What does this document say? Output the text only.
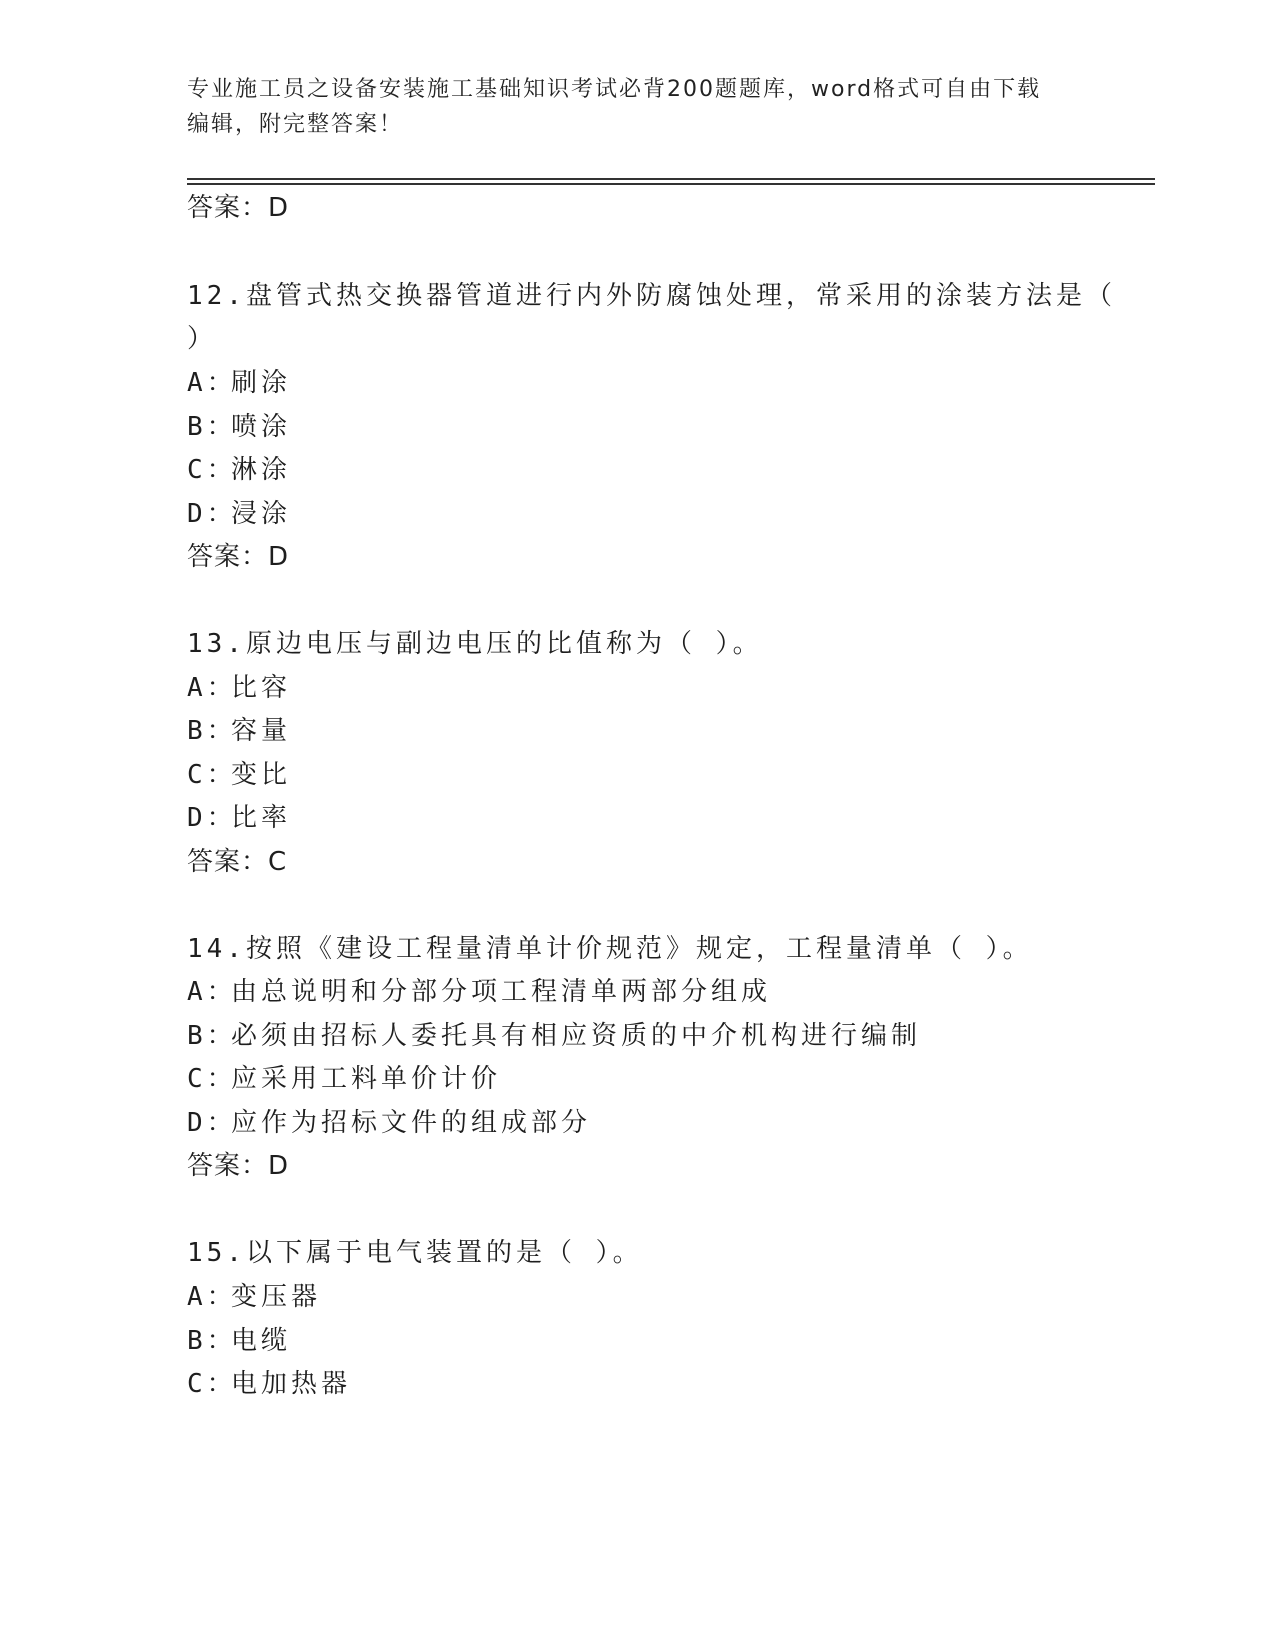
专业施工员之设备安装施工基础知识考试必背200题题库，word格式可自由下载
编辑，附完整答案！
答案：D
12.盘管式热交换器管道进行内外防腐蚀处理，常采用的涂装方法是（
）
A：刷涂
B：喷涂
C：淋涂
D：浸涂
答案：D
13.原边电压与副边电压的比值称为（ ）。
A：比容
B：容量
C：变比
D：比率
答案：C
14.按照《建设工程量清单计价规范》规定，工程量清单（ ）。
A：由总说明和分部分项工程清单两部分组成
B：必须由招标人委托具有相应资质的中介机构进行编制
C：应采用工料单价计价
D：应作为招标文件的组成部分
答案：D
15.以下属于电气装置的是（ ）。
A：变压器
B：电缆
C：电加热器
